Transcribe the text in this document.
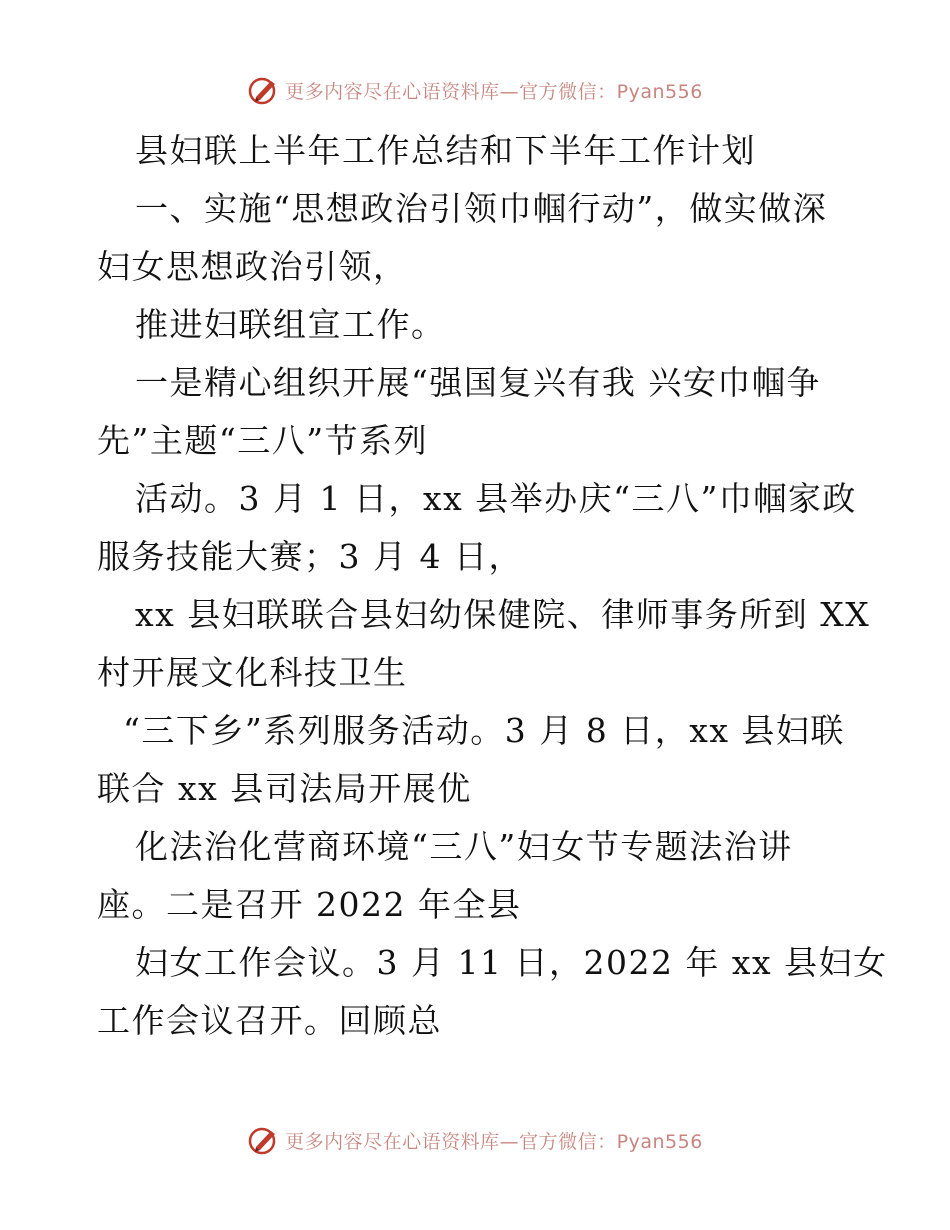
更多内容尽在心语资料库—官方微信：Pyan556
县妇联上半年工作总结和下半年工作计划
一、实施“思想政治引领巾帼行动”，做实做深
妇女思想政治引领，
推进妇联组宣工作。
一是精心组织开展“强国复兴有我 兴安巾帼争
先”主题“三八”节系列
活动。3 月 1 日，xx 县举办庆“三八”巾帼家政
服务技能大赛；3 月 4 日，
xx 县妇联联合县妇幼保健院、律师事务所到 XX
村开展文化科技卫生
“三下乡”系列服务活动。3 月 8 日，xx 县妇联
联合 xx 县司法局开展优
化法治化营商环境“三八”妇女节专题法治讲
座。二是召开 2022 年全县
妇女工作会议。3 月 11 日，2022 年 xx 县妇女
工作会议召开。回顾总
更多内容尽在心语资料库—官方微信：Pyan556
